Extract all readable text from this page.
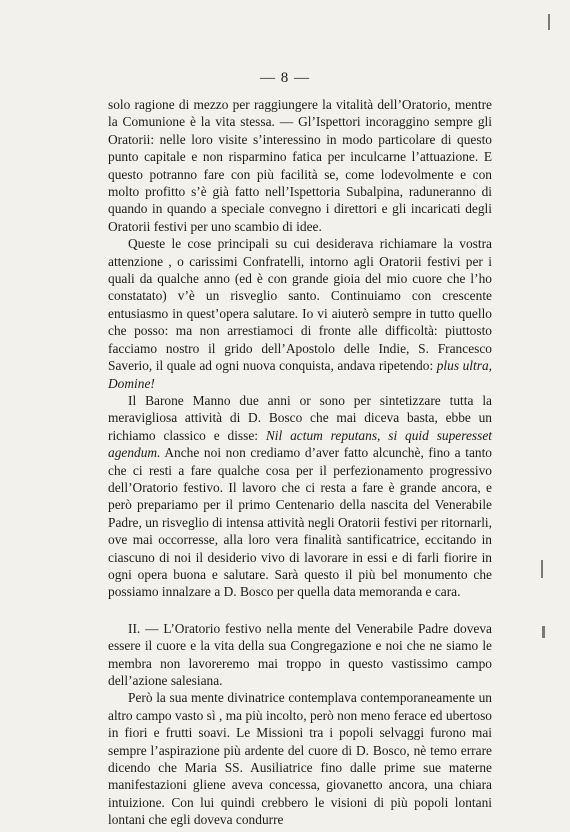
— 8 —

solo ragione di mezzo per raggiungere la vitalità dell’Oratorio, mentre la Comunione è la vita stessa. — Gl’Ispettori incoraggino sempre gli Oratorii: nelle loro visite s’interessino in modo particolare di questo punto capitale e non risparmino fatica per inculcarne l’attuazione. E questo potranno fare con più facilità se, come lodevolmente e con molto profitto s’è già fatto nell’Ispettoria Subalpina, raduneranno di quando in quando a speciale convegno i direttori e gli incaricati degli Oratorii festivi per uno scambio di idee.

Queste le cose principali su cui desiderava richiamare la vostra attenzione , o carissimi Confratelli, intorno agli Oratorii festivi per i quali da qualche anno (ed è con grande gioia del mio cuore che l’ho constatato) v’è un risveglio santo. Continuiamo con crescente entusiasmo in quest’opera salutare. Io vi aiuterò sempre in tutto quello che posso: ma non arrestiamoci di fronte alle difficoltà: piuttosto facciamo nostro il grido dell’Apostolo delle Indie, S. Francesco Saverio, il quale ad ogni nuova conquista, andava ripetendo: plus ultra, Domine!

Il Barone Manno due anni or sono per sintetizzare tutta la meravigliosa attività di D. Bosco che mai diceva basta, ebbe un richiamo classico e disse: Nil actum reputans, si quid superesset agendum. Anche noi non crediamo d’aver fatto alcunchè, fino a tanto che ci resti a fare qualche cosa per il perfezionamento progressivo dell’Oratorio festivo. Il lavoro che ci resta a fare è grande ancora, e però prepariamo per il primo Centenario della nascita del Venerabile Padre, un risveglio di intensa attività negli Oratorii festivi per ritornarli, ove mai occorresse, alla loro vera finalità santificatrice, eccitando in ciascuno di noi il desiderio vivo di lavorare in essi e di farli fiorire in ogni opera buona e salutare. Sarà questo il più bel monumento che possiamo innalzare a D. Bosco per quella data memoranda e cara.

II. — L’Oratorio festivo nella mente del Venerabile Padre doveva essere il cuore e la vita della sua Congregazione e noi che ne siamo le membra non lavoreremo mai troppo in questo vastissimo campo dell’azione salesiana.

Però la sua mente divinatrice contemplava contemporaneamente un altro campo vasto sì , ma più incolto, però non meno ferace ed ubertoso in fiori e frutti soavi. Le Missioni tra i popoli selvaggi furono mai sempre l’aspirazione più ardente del cuore di D. Bosco, nè temo errare dicendo che Maria SS. Ausiliatrice fino dalle prime sue materne manifestazioni gliene aveva concessa, giovanetto ancora, una chiara intuizione. Con lui quindi crebbero le visioni di più popoli lontani lontani che egli doveva condurre
